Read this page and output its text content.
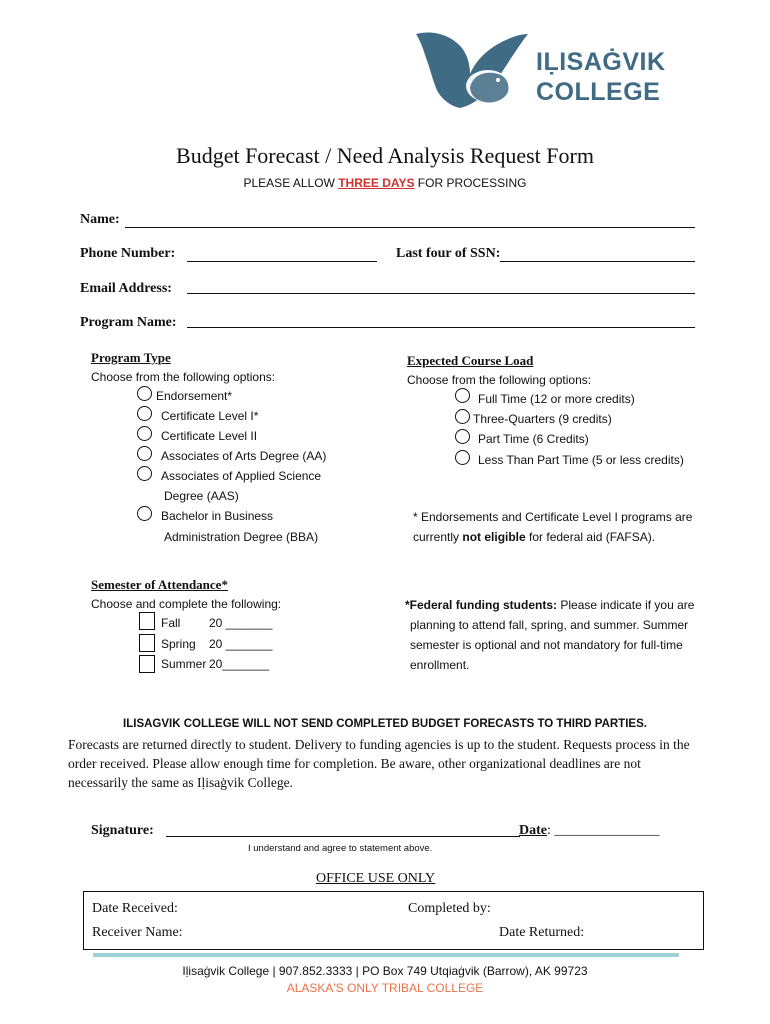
IḶISAĠVIK
COLLEGE
Budget Forecast / Need Analysis Request Form
PLEASE ALLOW THREE DAYS FOR PROCESSING
Name:
Phone Number:	Last four of SSN:
Email Address:
Program Name:
Program Type
Choose from the following options:
Endorsement*
Certificate Level I*
Certificate Level II
Associates of Arts Degree (AA)
Associates of Applied Science
Degree (AAS)
Bachelor in Business
Administration Degree (BBA)
Expected Course Load
Choose from the following options:
Full Time (12 or more credits)
Three-Quarters (9 credits)
Part Time (6 Credits)
Less Than Part Time (5 or less credits)
* Endorsements and Certificate Level I programs are
currently not eligible for federal aid (FAFSA).
Semester of Attendance*
Choose and complete the following:
Fall 20 _______
Spring 20 _______
Summer 20_______
*Federal funding students: Please indicate if you are
planning to attend fall, spring, and summer. Summer
semester is optional and not mandatory for full-time
enrollment.
ILISAGVIK COLLEGE WILL NOT SEND COMPLETED BUDGET FORECASTS TO THIRD PARTIES.
Forecasts are returned directly to student. Delivery to funding agencies is up to the student. Requests process in the
order received. Please allow enough time for completion. Be aware, other organizational deadlines are not
necessarily the same as Iḷisaġvik College.
Signature:	Date: _______________
I understand and agree to statement above.
OFFICE USE ONLY
Date Received:	Completed by:
Receiver Name:	Date Returned:
Iḷisaġvik College | 907.852.3333 | PO Box 749 Utqiaġvik (Barrow), AK 99723
ALASKA'S ONLY TRIBAL COLLEGE
